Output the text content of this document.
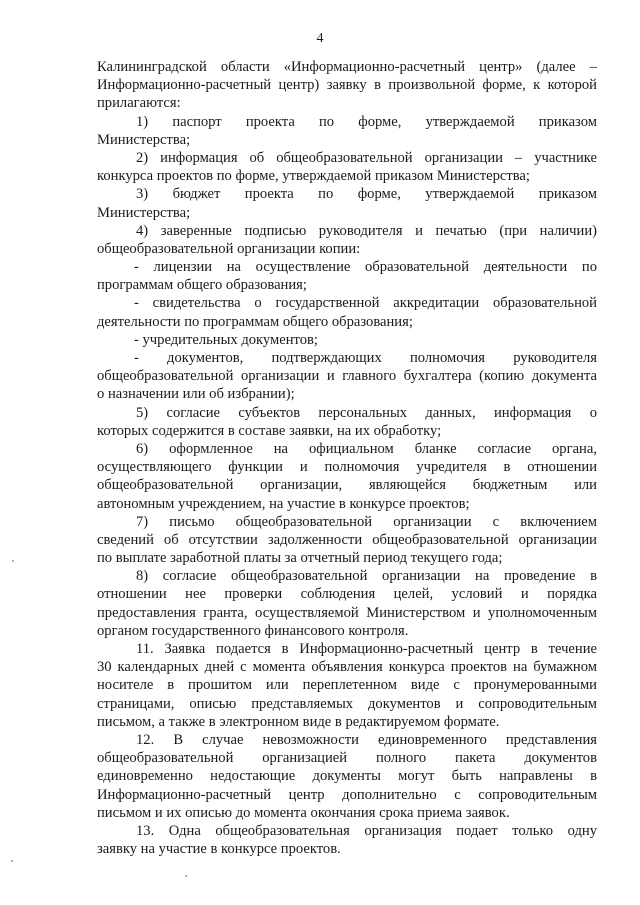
4
Калининградской области «Информационно-расчетный центр» (далее –
Информационно-расчетный центр) заявку в произвольной форме, к которой
прилагаются:
1) паспорт проекта по форме, утверждаемой приказом
Министерства;
2) информация об общеобразовательной организации – участнике
конкурса проектов по форме, утверждаемой приказом Министерства;
3) бюджет проекта по форме, утверждаемой приказом
Министерства;
4) заверенные подписью руководителя и печатью (при наличии)
общеобразовательной организации копии:
- лицензии на осуществление образовательной деятельности по
программам общего образования;
- свидетельства о государственной аккредитации образовательной
деятельности по программам общего образования;
- учредительных документов;
- документов, подтверждающих полномочия руководителя
общеобразовательной организации и главного бухгалтера (копию документа
о назначении или об избрании);
5) согласие субъектов персональных данных, информация о
которых содержится в составе заявки, на их обработку;
6) оформленное на официальном бланке согласие органа,
осуществляющего функции и полномочия учредителя в отношении
общеобразовательной организации, являющейся бюджетным или
автономным учреждением, на участие в конкурсе проектов;
7) письмо общеобразовательной организации с включением
сведений об отсутствии задолженности общеобразовательной организации
по выплате заработной платы за отчетный период текущего года;
8) согласие общеобразовательной организации на проведение в
отношении нее проверки соблюдения целей, условий и порядка
предоставления гранта, осуществляемой Министерством и уполномоченным
органом государственного финансового контроля.
11. Заявка подается в Информационно-расчетный центр в течение
30 календарных дней с момента объявления конкурса проектов на бумажном
носителе в прошитом или переплетенном виде с пронумерованными
страницами, описью представляемых документов и сопроводительным
письмом, а также в электронном виде в редактируемом формате.
12. В случае невозможности единовременного представления
общеобразовательной организацией полного пакета документов
единовременно недостающие документы могут быть направлены в
Информационно-расчетный центр дополнительно с сопроводительным
письмом и их описью до момента окончания срока приема заявок.
13. Одна общеобразовательная организация подает только одну
заявку на участие в конкурсе проектов.
